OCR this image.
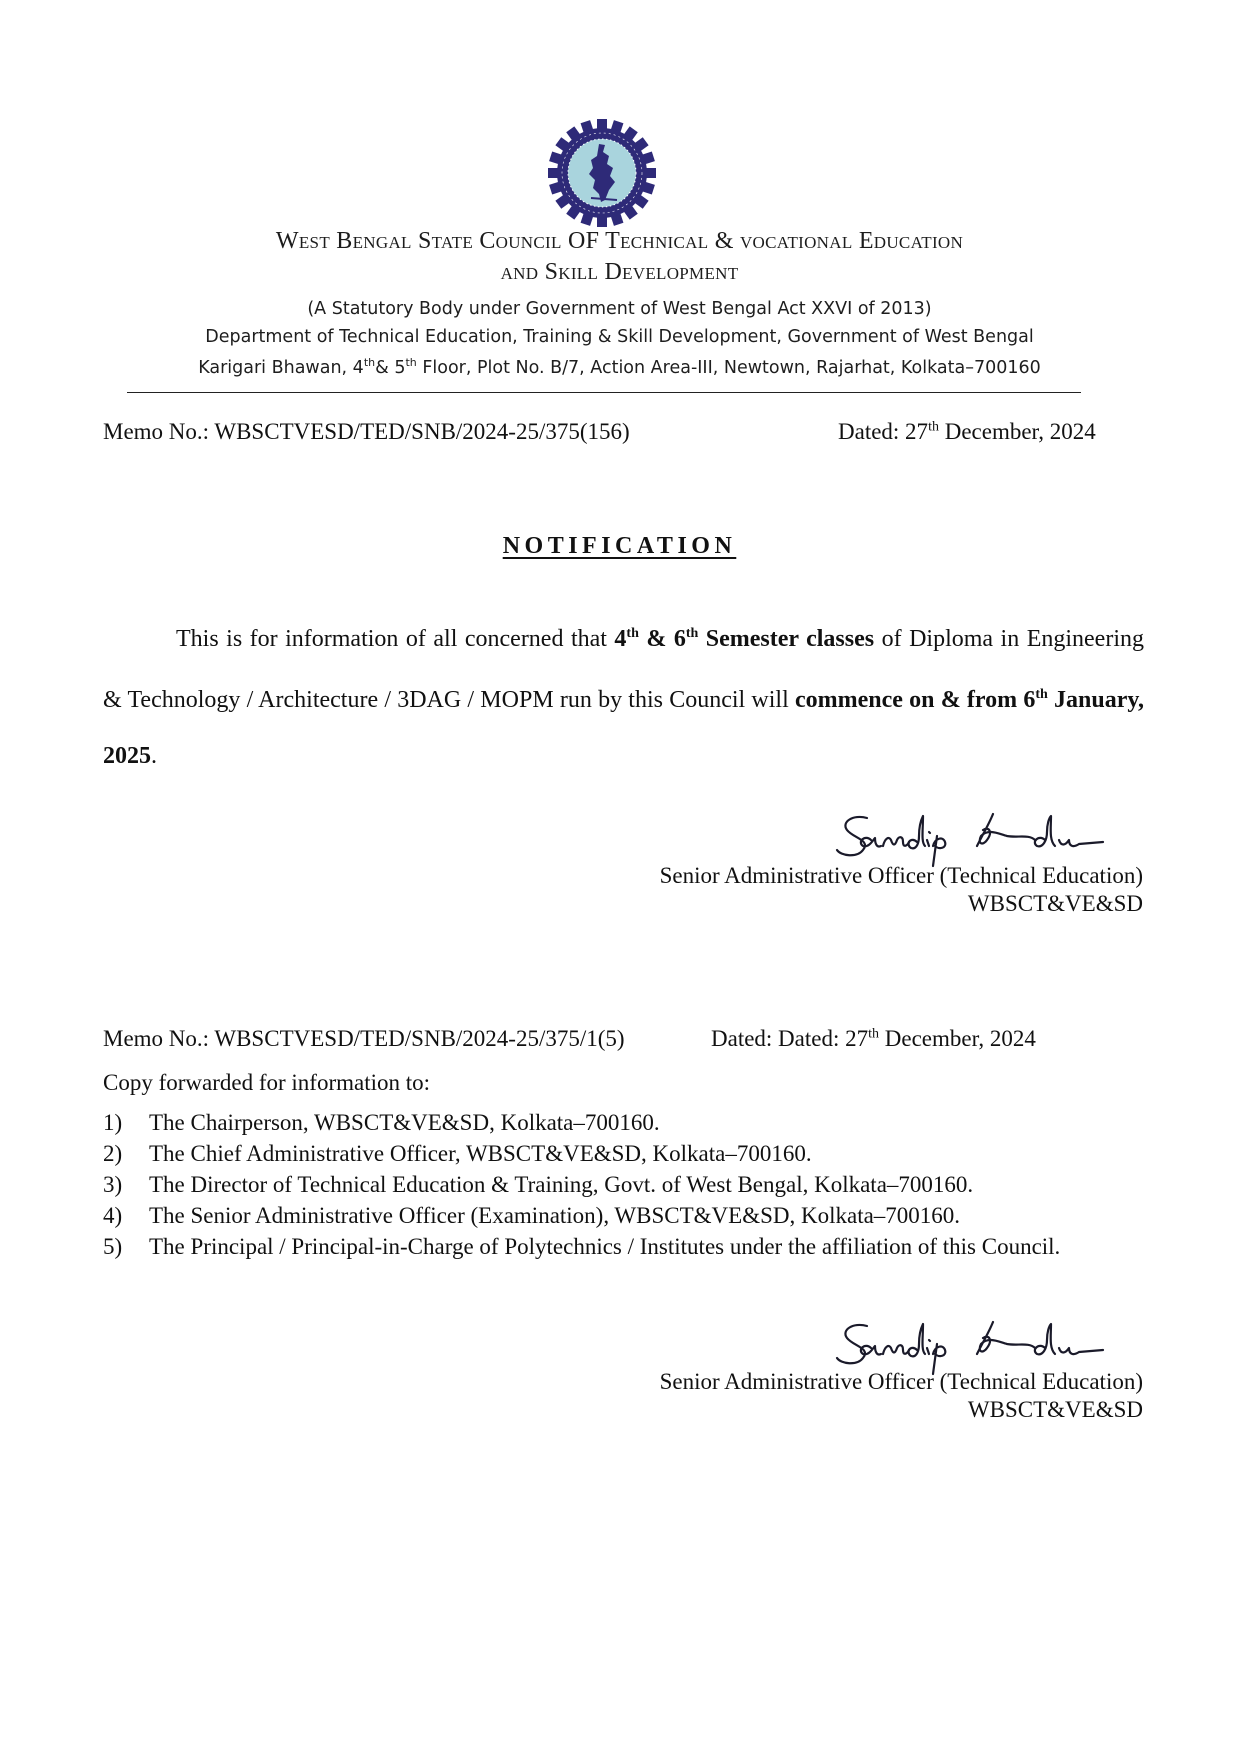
West Bengal State Council OF Technical & vocational Education
and Skill Development
(A Statutory Body under Government of West Bengal Act XXVI of 2013)
Department of Technical Education, Training & Skill Development, Government of West Bengal
Karigari Bhawan, 4th& 5th Floor, Plot No. B/7, Action Area-III, Newtown, Rajarhat, Kolkata–700160
Memo No.: WBSCTVESD/TED/SNB/2024-25/375(156)	Dated: 27th December, 2024
NOTIFICATION

This is for information of all concerned that 4th & 6th Semester classes of Diploma in Engineering & Technology / Architecture / 3DAG / MOPM run by this Council will commence on & from 6th January, 2025.

Senior Administrative Officer (Technical Education)
WBSCT&VE&SD
Memo No.: WBSCTVESD/TED/SNB/2024-25/375/1(5)	Dated: Dated: 27th December, 2024
Copy forwarded for information to:
1) The Chairperson, WBSCT&VE&SD, Kolkata–700160.
2) The Chief Administrative Officer, WBSCT&VE&SD, Kolkata–700160.
3) The Director of Technical Education & Training, Govt. of West Bengal, Kolkata–700160.
4) The Senior Administrative Officer (Examination), WBSCT&VE&SD, Kolkata–700160.
5) The Principal / Principal-in-Charge of Polytechnics / Institutes under the affiliation of this Council.
Senior Administrative Officer (Technical Education)
WBSCT&VE&SD
